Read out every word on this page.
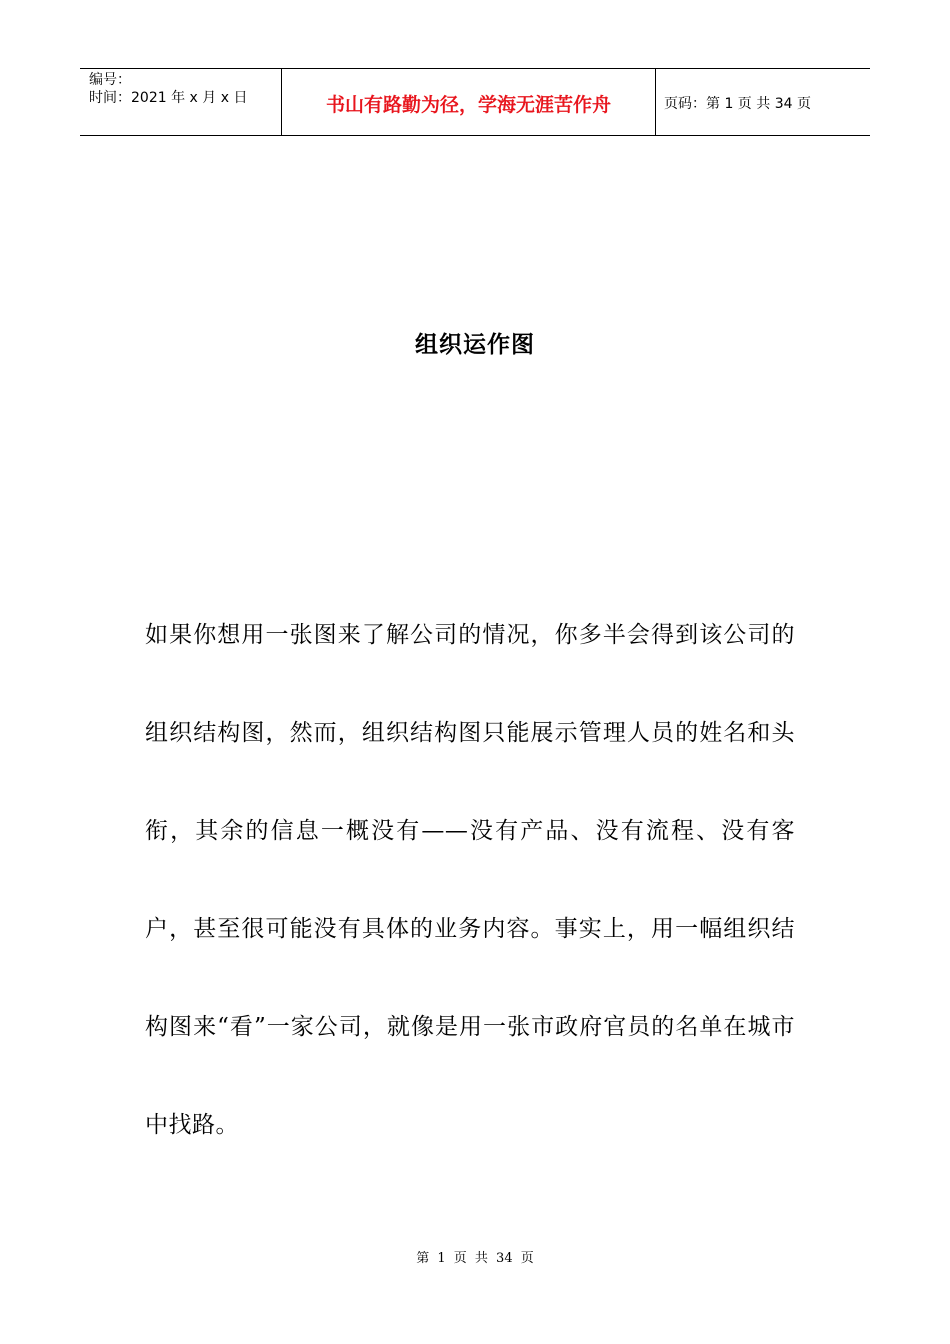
编号：
时间：2021 年 x 月 x 日	书山有路勤为径，学海无涯苦作舟	页码：第 1 页 共 34 页
组织运作图

如果你想用一张图来了解公司的情况，你多半会得到该公司的组织结构图，然而，组织结构图只能展示管理人员的姓名和头衔，其余的信息一概没有——没有产品、没有流程、没有客户，甚至很可能没有具体的业务内容。事实上，用一幅组织结构图来“看”一家公司，就像是用一张市政府官员的名单在城市中找路。

第 1 页 共 34 页
